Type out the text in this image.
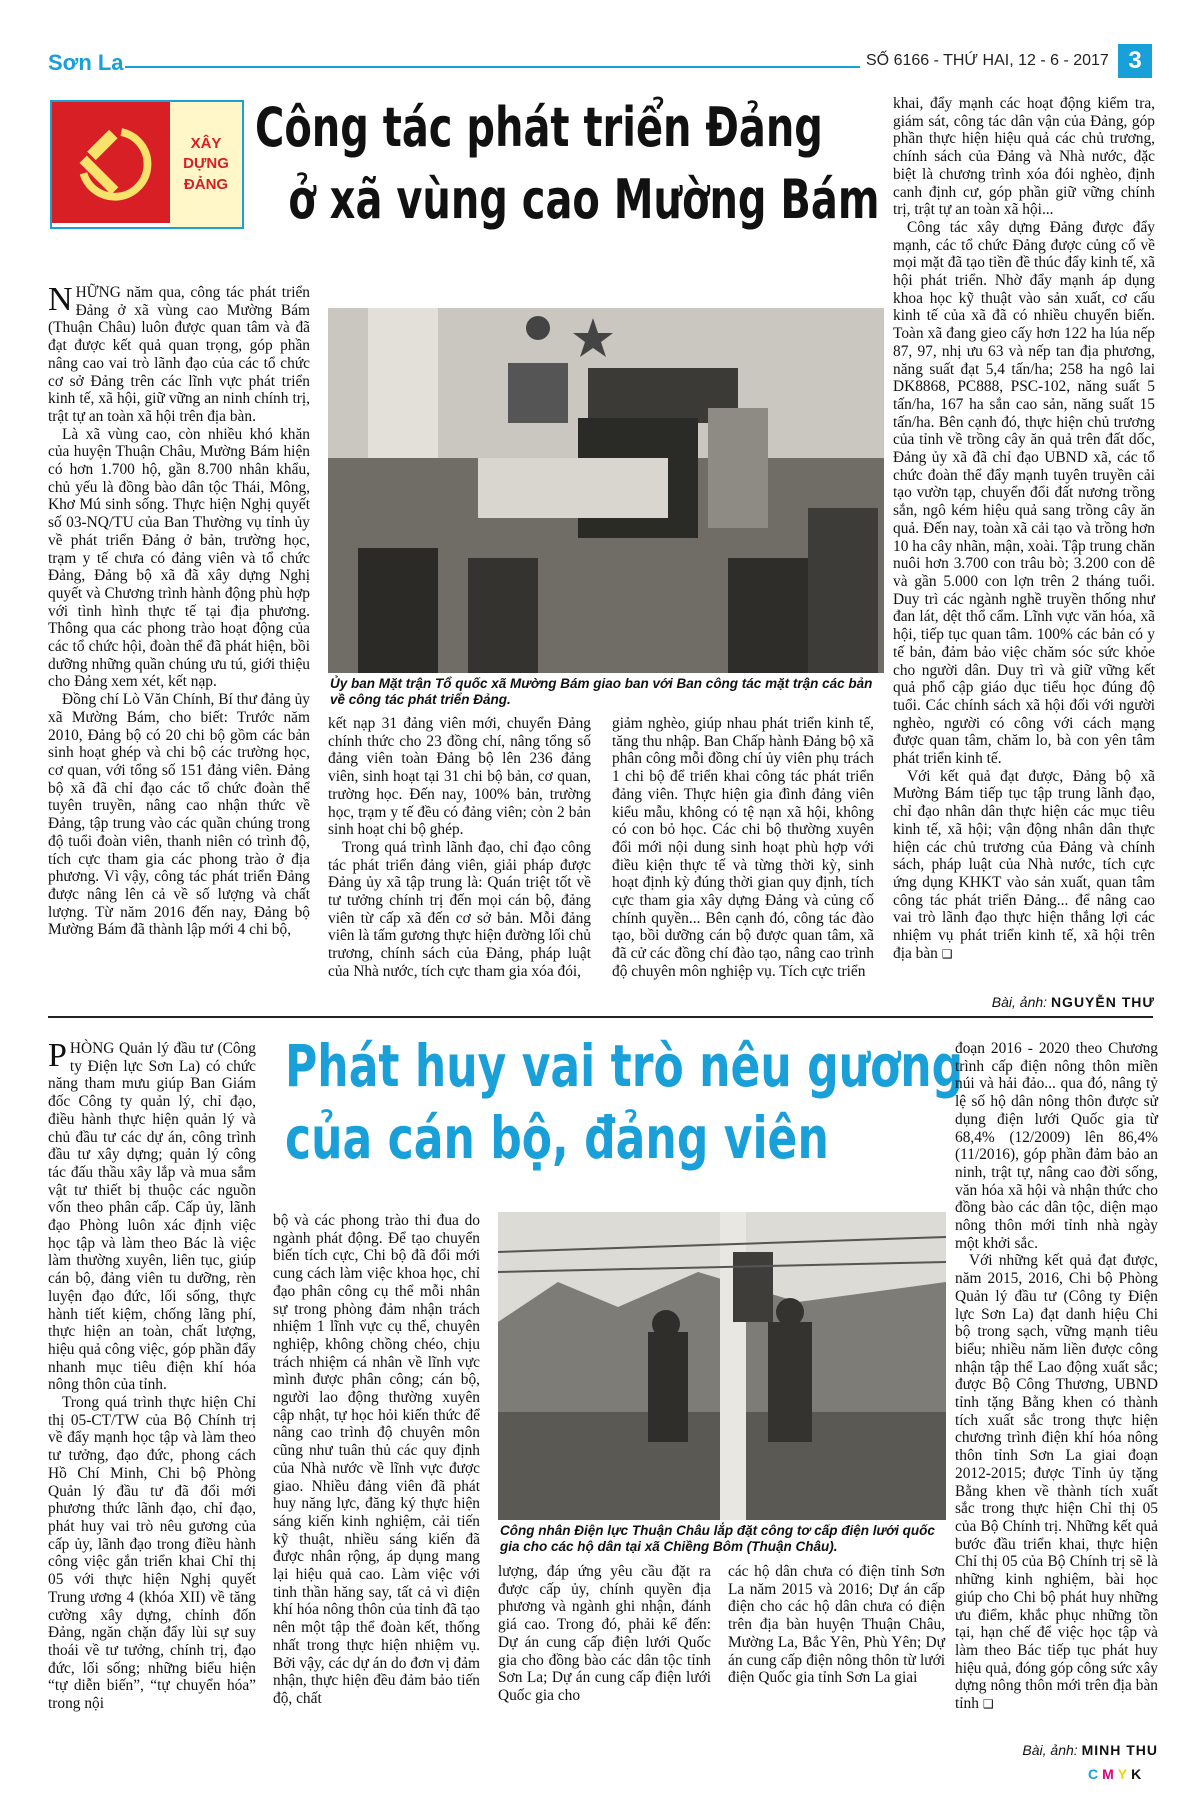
Sơn La	SỐ 6166 - THỨ HAI, 12 - 6 - 2017 3
XÂY
DỰNG
ĐẢNG
Công tác phát triển Đảng
ở xã vùng cao Mường Bám

NHỮNG năm qua, công tác phát triển Đảng ở xã vùng cao Mường Bám (Thuận Châu) luôn được quan tâm và đã đạt được kết quả quan trọng, góp phần nâng cao vai trò lãnh đạo của các tổ chức cơ sở Đảng trên các lĩnh vực phát triển kinh tế, xã hội, giữ vững an ninh chính trị, trật tự an toàn xã hội trên địa bàn.

Là xã vùng cao, còn nhiều khó khăn của huyện Thuận Châu, Mường Bám hiện có hơn 1.700 hộ, gần 8.700 nhân khẩu, chủ yếu là đồng bào dân tộc Thái, Mông, Khơ Mú sinh sống. Thực hiện Nghị quyết số 03-NQ/TU của Ban Thường vụ tỉnh ủy về phát triển Đảng ở bản, trường học, trạm y tế chưa có đảng viên và tổ chức Đảng, Đảng bộ xã đã xây dựng Nghị quyết và Chương trình hành động phù hợp với tình hình thực tế tại địa phương. Thông qua các phong trào hoạt động của các tổ chức hội, đoàn thể đã phát hiện, bồi dưỡng những quần chúng ưu tú, giới thiệu cho Đảng xem xét, kết nạp.

Đồng chí Lò Văn Chính, Bí thư đảng ủy xã Mường Bám, cho biết: Trước năm 2010, Đảng bộ có 20 chi bộ gồm các bản sinh hoạt ghép và chi bộ các trường học, cơ quan, với tổng số 151 đảng viên. Đảng bộ xã đã chỉ đạo các tổ chức đoàn thể tuyên truyền, nâng cao nhận thức về Đảng, tập trung vào các quần chúng trong độ tuổi đoàn viên, thanh niên có trình độ, tích cực tham gia các phong trào ở địa phương. Vì vậy, công tác phát triển Đảng được nâng lên cả về số lượng và chất lượng. Từ năm 2016 đến nay, Đảng bộ Mường Bám đã thành lập mới 4 chi bộ,

Ủy ban Mặt trận Tổ quốc xã Mường Bám giao ban với Ban công tác mặt trận các bản về công tác phát triển Đảng.

kết nạp 31 đảng viên mới, chuyển Đảng chính thức cho 23 đồng chí, nâng tổng số đảng viên toàn Đảng bộ lên 236 đảng viên, sinh hoạt tại 31 chi bộ bản, cơ quan, trường học. Đến nay, 100% bản, trường học, trạm y tế đều có đảng viên; còn 2 bản sinh hoạt chi bộ ghép.

Trong quá trình lãnh đạo, chỉ đạo công tác phát triển đảng viên, giải pháp được Đảng ủy xã tập trung là: Quán triệt tốt về tư tưởng chính trị đến mọi cán bộ, đảng viên từ cấp xã đến cơ sở bản. Mỗi đảng viên là tấm gương thực hiện đường lối chủ trương, chính sách của Đảng, pháp luật của Nhà nước, tích cực tham gia xóa đói,

giảm nghèo, giúp nhau phát triển kinh tế, tăng thu nhập. Ban Chấp hành Đảng bộ xã phân công mỗi đồng chí ủy viên phụ trách 1 chi bộ để triển khai công tác phát triển đảng viên. Thực hiện gia đình đảng viên kiểu mẫu, không có tệ nạn xã hội, không có con bỏ học. Các chi bộ thường xuyên đổi mới nội dung sinh hoạt phù hợp với điều kiện thực tế và từng thời kỳ, sinh hoạt định kỳ đúng thời gian quy định, tích cực tham gia xây dựng Đảng và củng cố chính quyền... Bên cạnh đó, công tác đào tạo, bồi dưỡng cán bộ được quan tâm, xã đã cử các đồng chí đào tạo, nâng cao trình độ chuyên môn nghiệp vụ. Tích cực triển

khai, đẩy mạnh các hoạt động kiểm tra, giám sát, công tác dân vận của Đảng, góp phần thực hiện hiệu quả các chủ trương, chính sách của Đảng và Nhà nước, đặc biệt là chương trình xóa đói nghèo, định canh định cư, góp phần giữ vững chính trị, trật tự an toàn xã hội...

Công tác xây dựng Đảng được đẩy mạnh, các tổ chức Đảng được củng cố về mọi mặt đã tạo tiền đề thúc đẩy kinh tế, xã hội phát triển. Nhờ đẩy mạnh áp dụng khoa học kỹ thuật vào sản xuất, cơ cấu kinh tế của xã đã có nhiều chuyển biến. Toàn xã đang gieo cấy hơn 122 ha lúa nếp 87, 97, nhị ưu 63 và nếp tan địa phương, năng suất đạt 5,4 tấn/ha; 258 ha ngô lai DK8868, PC888, PSC-102, năng suất 5 tấn/ha, 167 ha sắn cao sản, năng suất 15 tấn/ha. Bên cạnh đó, thực hiện chủ trương của tỉnh về trồng cây ăn quả trên đất dốc, Đảng ủy xã đã chỉ đạo UBND xã, các tổ chức đoàn thể đẩy mạnh tuyên truyền cải tạo vườn tạp, chuyển đổi đất nương trồng sắn, ngô kém hiệu quả sang trồng cây ăn quả. Đến nay, toàn xã cải tạo và trồng hơn 10 ha cây nhãn, mận, xoài. Tập trung chăn nuôi hơn 3.700 con trâu bò; 3.200 con dê và gần 5.000 con lợn trên 2 tháng tuổi. Duy trì các ngành nghề truyền thống như đan lát, dệt thổ cẩm. Lĩnh vực văn hóa, xã hội, tiếp tục quan tâm. 100% các bản có y tế bản, đảm bảo việc chăm sóc sức khỏe cho người dân. Duy trì và giữ vững kết quả phổ cập giáo dục tiểu học đúng độ tuổi. Các chính sách xã hội đối với người nghèo, người có công với cách mạng được quan tâm, chăm lo, bà con yên tâm phát triển kinh tế.

Với kết quả đạt được, Đảng bộ xã Mường Bám tiếp tục tập trung lãnh đạo, chỉ đạo nhân dân thực hiện các mục tiêu kinh tế, xã hội; vận động nhân dân thực hiện các chủ trương của Đảng và chính sách, pháp luật của Nhà nước, tích cực ứng dụng KHKT vào sản xuất, quan tâm công tác phát triển Đảng... để nâng cao vai trò lãnh đạo thực hiện thắng lợi các nhiệm vụ phát triển kinh tế, xã hội trên địa bàn ❑

Bài, ảnh: NGUYỄN THƯ
Phát huy vai trò nêu gương
của cán bộ, đảng viên

PHÒNG Quản lý đầu tư (Công ty Điện lực Sơn La) có chức năng tham mưu giúp Ban Giám đốc Công ty quản lý, chỉ đạo, điều hành thực hiện quản lý và chủ đầu tư các dự án, công trình đầu tư xây dựng; quản lý công tác đấu thầu xây lắp và mua sắm vật tư thiết bị thuộc các nguồn vốn theo phân cấp. Cấp ủy, lãnh đạo Phòng luôn xác định việc học tập và làm theo Bác là việc làm thường xuyên, liên tục, giúp cán bộ, đảng viên tu dưỡng, rèn luyện đạo đức, lối sống, thực hành tiết kiệm, chống lãng phí, thực hiện an toàn, chất lượng, hiệu quả công việc, góp phần đẩy nhanh mục tiêu điện khí hóa nông thôn của tỉnh.

Trong quá trình thực hiện Chỉ thị 05-CT/TW của Bộ Chính trị về đẩy mạnh học tập và làm theo tư tưởng, đạo đức, phong cách Hồ Chí Minh, Chi bộ Phòng Quản lý đầu tư đã đổi mới phương thức lãnh đạo, chỉ đạo, phát huy vai trò nêu gương của cấp ủy, lãnh đạo trong điều hành công việc gắn triển khai Chỉ thị 05 với thực hiện Nghị quyết Trung ương 4 (khóa XII) về tăng cường xây dựng, chỉnh đốn Đảng, ngăn chặn đẩy lùi sự suy thoái về tư tưởng, chính trị, đạo đức, lối sống; những biểu hiện “tự diễn biến”, “tự chuyển hóa” trong nội

bộ và các phong trào thi đua do ngành phát động. Để tạo chuyển biến tích cực, Chi bộ đã đổi mới cung cách làm việc khoa học, chỉ đạo phân công cụ thể mỗi nhân sự trong phòng đảm nhận trách nhiệm 1 lĩnh vực cụ thể, chuyên nghiệp, không chồng chéo, chịu trách nhiệm cá nhân về lĩnh vực mình được phân công; cán bộ, người lao động thường xuyên cập nhật, tự học hỏi kiến thức để nâng cao trình độ chuyên môn cũng như tuân thủ các quy định của Nhà nước về lĩnh vực được giao. Nhiều đảng viên đã phát huy năng lực, đăng ký thực hiện sáng kiến kinh nghiệm, cải tiến kỹ thuật, nhiều sáng kiến đã được nhân rộng, áp dụng mang lại hiệu quả cao. Làm việc với tinh thần hăng say, tất cả vì điện khí hóa nông thôn của tỉnh đã tạo nên một tập thể đoàn kết, thống nhất trong thực hiện nhiệm vụ. Bởi vậy, các dự án do đơn vị đảm nhận, thực hiện đều đảm bảo tiến độ, chất

Công nhân Điện lực Thuận Châu lắp đặt công tơ cấp điện lưới quốc gia cho các hộ dân tại xã Chiềng Bôm (Thuận Châu).

lượng, đáp ứng yêu cầu đặt ra được cấp ủy, chính quyền địa phương và ngành ghi nhận, đánh giá cao. Trong đó, phải kể đến: Dự án cung cấp điện lưới Quốc gia cho đồng bào các dân tộc tỉnh Sơn La; Dự án cung cấp điện lưới Quốc gia cho

các hộ dân chưa có điện tỉnh Sơn La năm 2015 và 2016; Dự án cấp điện cho các hộ dân chưa có điện trên địa bàn huyện Thuận Châu, Mường La, Bắc Yên, Phù Yên; Dự án cung cấp điện nông thôn từ lưới điện Quốc gia tỉnh Sơn La giai

đoạn 2016 - 2020 theo Chương trình cấp điện nông thôn miền núi và hải đảo... qua đó, nâng tỷ lệ số hộ dân nông thôn được sử dụng điện lưới Quốc gia từ 68,4% (12/2009) lên 86,4% (11/2016), góp phần đảm bảo an ninh, trật tự, nâng cao đời sống, văn hóa xã hội và nhận thức cho đồng bào các dân tộc, diện mạo nông thôn mới tỉnh nhà ngày một khởi sắc.

Với những kết quả đạt được, năm 2015, 2016, Chi bộ Phòng Quản lý đầu tư (Công ty Điện lực Sơn La) đạt danh hiệu Chi bộ trong sạch, vững mạnh tiêu biểu; nhiều năm liền được công nhận tập thể Lao động xuất sắc; được Bộ Công Thương, UBND tỉnh tặng Bằng khen có thành tích xuất sắc trong thực hiện chương trình điện khí hóa nông thôn tỉnh Sơn La giai đoạn 2012-2015; được Tỉnh ủy tặng Bằng khen về thành tích xuất sắc trong thực hiện Chỉ thị 05 của Bộ Chính trị. Những kết quả bước đầu triển khai, thực hiện Chỉ thị 05 của Bộ Chính trị sẽ là những kinh nghiệm, bài học giúp cho Chi bộ phát huy những ưu điểm, khắc phục những tồn tại, hạn chế để việc học tập và làm theo Bác tiếp tục phát huy hiệu quả, đóng góp công sức xây dựng nông thôn mới trên địa bàn tỉnh ❑

Bài, ảnh: MINH THU
CMYK
